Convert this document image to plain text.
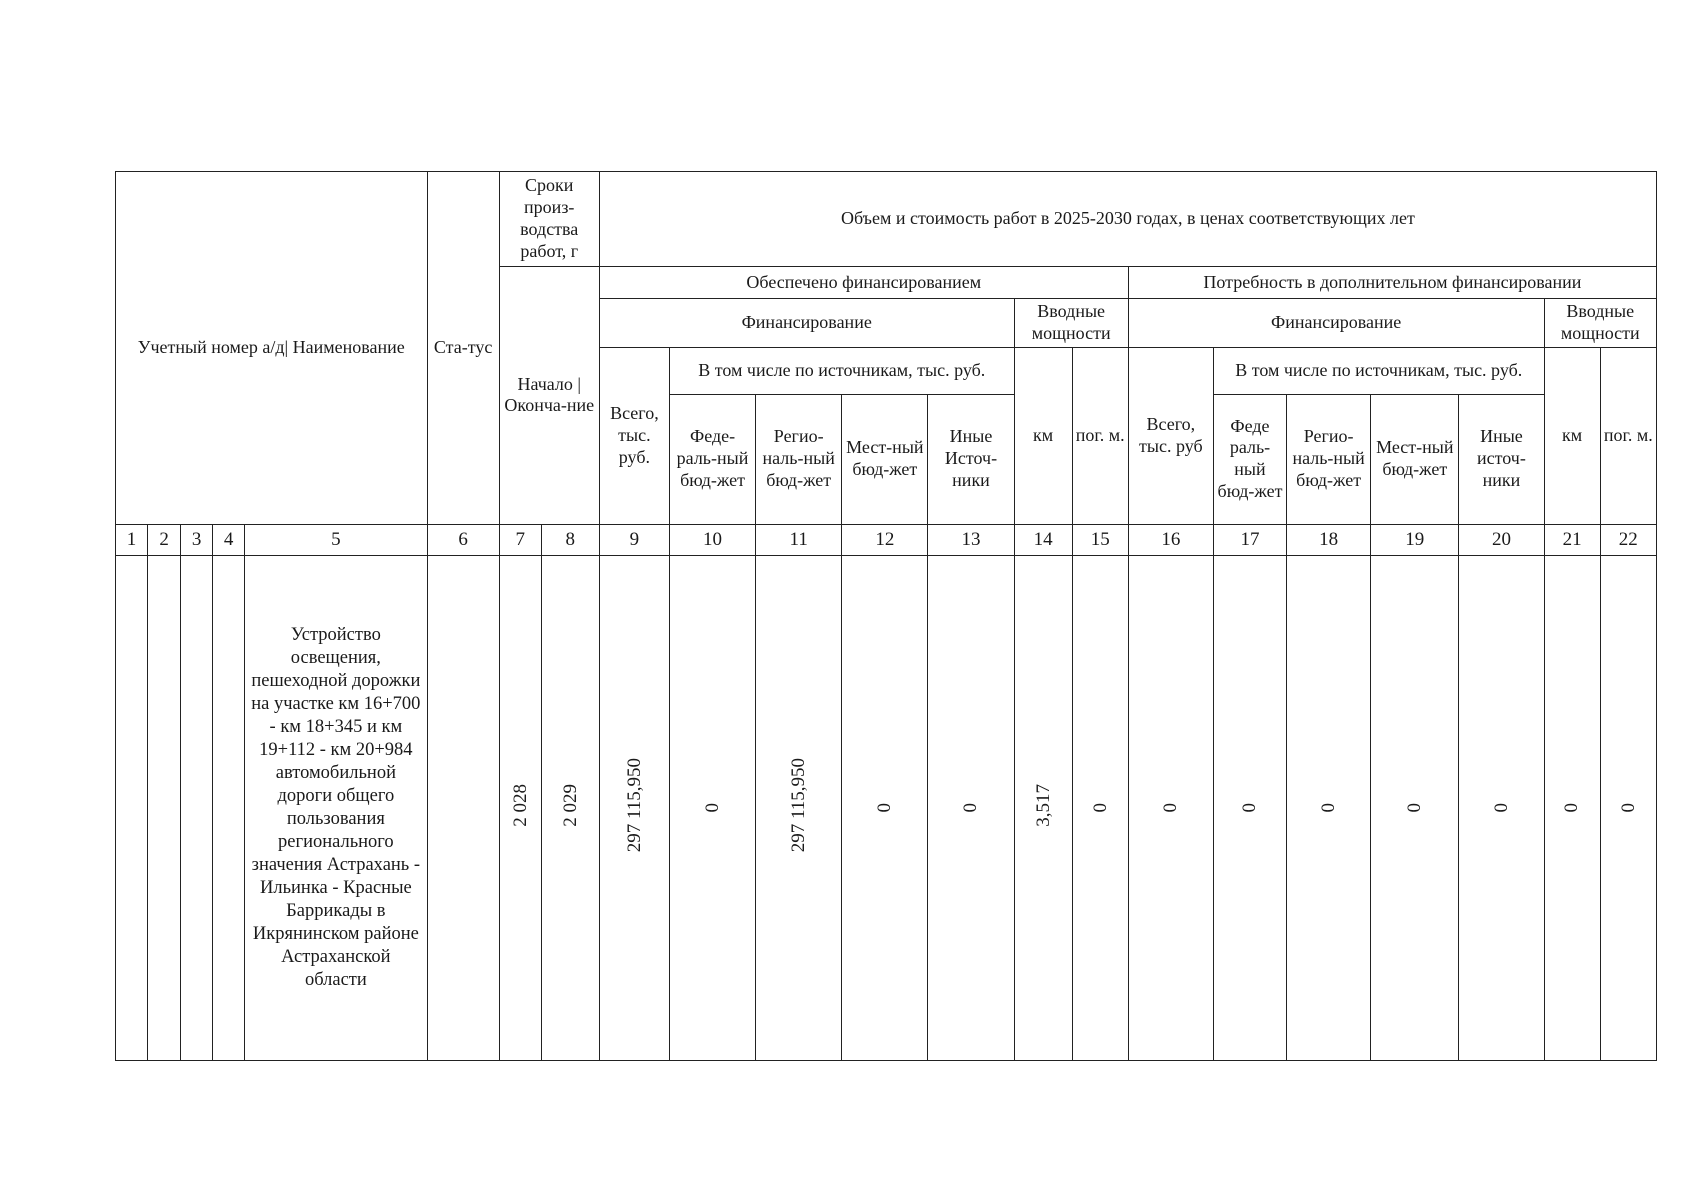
Учетный номер а/д| Наименование					Ста-тус	Сроки произ-водства работ, г		Объем и стоимость работ в 2025-2030 годах, в ценах соответствующих лет													
						Начало | Оконча-ние		Обеспечено финансированием							Потребность в дополнительном финансировании						
								Финансирование					Вводные мощности		Финансирование					Вводные мощности	
								Всего, тыс. руб.	В том числе по источникам, тыс. руб.				км	пог. м.	Всего, тыс. руб	В том числе по источникам, тыс. руб.				км	пог. м.
									Феде-раль-ный бюд-жет	Регио-наль-ный бюд-жет	Мест-ный бюд-жет	Иные Источ-ники				Феде раль-ный бюд-жет	Регио-наль-ный бюд-жет	Мест-ный бюд-жет	Иные источ-ники		
1	2	3	4	5	6	7	8	9	10	11	12	13	14	15	16	17	18	19	20	21	22
				Устройство освещения, пешеходной дорожки на участке км 16+700 - км 18+345 и км 19+112 - км 20+984 автомобильной дороги общего пользования регионального значения Астрахань - Ильинка - Красные Баррикады в Икрянинском районе Астраханской области		2 028	2 029	297 115,950	0	297 115,950	0	0	3,517	0	0	0	0	0	0	0	0
